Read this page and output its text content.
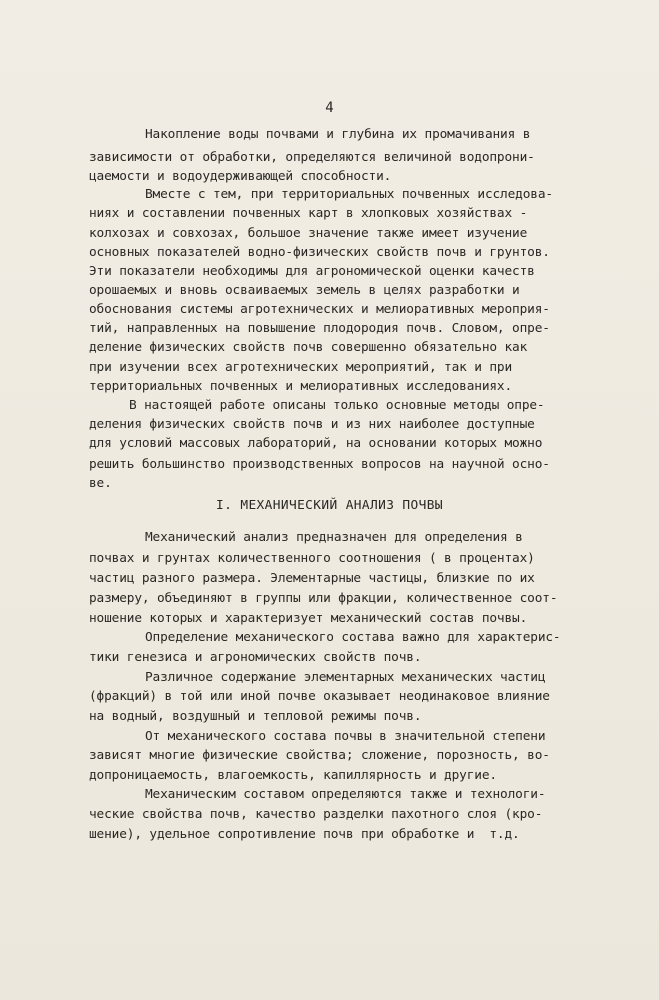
4
Накопление воды почвами и глубина их промачивания в
зависимости от обработки, определяются величиной водопрони-
цаемости и водоудерживающей способности.
Вместе с тем, при территориальных почвенных исследова-
ниях и составлении почвенных карт в хлопковых хозяйствах -
колхозах и совхозах, большое значение также имеет изучение
основных показателей водно-физических свойств почв и грунтов.
Эти показатели необходимы для агрономической оценки качеств
орошаемых и вновь осваиваемых земель в целях разработки и
обоснования системы агротехнических и мелиоративных мероприя-
тий, направленных на повышение плодородия почв. Словом, опре-
деление физических свойств почв совершенно обязательно как
при изучении всех агротехнических мероприятий, так и при
территориальных почвенных и мелиоративных исследованиях.
В настоящей работе описаны только основные методы опре-
деления физических свойств почв и из них наиболее доступные
для условий массовых лабораторий, на основании которых можно
решить большинство производственных вопросов на научной осно-
ве.
I. МЕХАНИЧЕСКИЙ АНАЛИЗ ПОЧВЫ
Механический анализ предназначен для определения в
почвах и грунтах количественного соотношения ( в процентах)
частиц разного размера. Элементарные частицы, близкие по их
размеру, объединяют в группы или фракции, количественное соот-
ношение которых и характеризует механический состав почвы.
Определение механического состава важно для характерис-
тики генезиса и агрономических свойств почв.
Различное содержание элементарных механических частиц
(фракций) в той или иной почве оказывает неодинаковое влияние
на водный, воздушный и тепловой режимы почв.
От механического состава почвы в значительной степени
зависят многие физические свойства; сложение, порозность, во-
допроницаемость, влагоемкость, капиллярность и другие.
Механическим составом определяются также и технологи-
ческие свойства почв, качество разделки пахотного слоя (кро-
шение), удельное сопротивление почв при обработке и  т.д.
